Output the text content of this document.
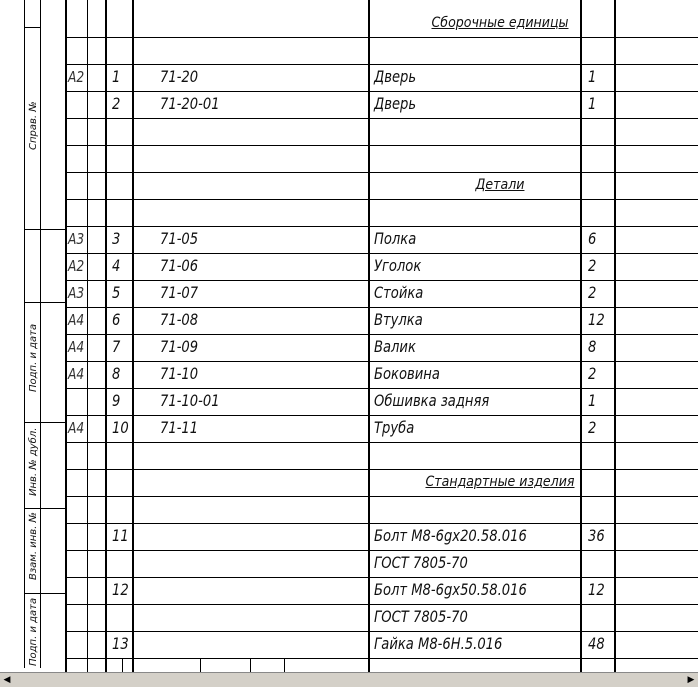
Справ. №
Подп. и дата
Инв. № дубл.
Взам. инв. №
Подп. и дата
Сборочные единицы
A2 1 71-20	Дверь	1
2 71-20-01	Дверь	1
Детали
A3 3 71-05	Полка	6
A2 4 71-06	Уголок	2
A3 5 71-07	Стойка	2
A4 6 71-08	Втулка	12
A4 7 71-09	Валик	8
A4 8 71-10	Боковина	2
9 71-10-01	Обшивка задняя	1
A4 10 71-11	Труба	2
Стандартные изделия
11	Болт М8-6gx20.58.016	36
ГОСТ 7805-70
12	Болт М8-6gx50.58.016	12
ГОСТ 7805-70
13	Гайка М8-6Н.5.016	48
◀	▶
